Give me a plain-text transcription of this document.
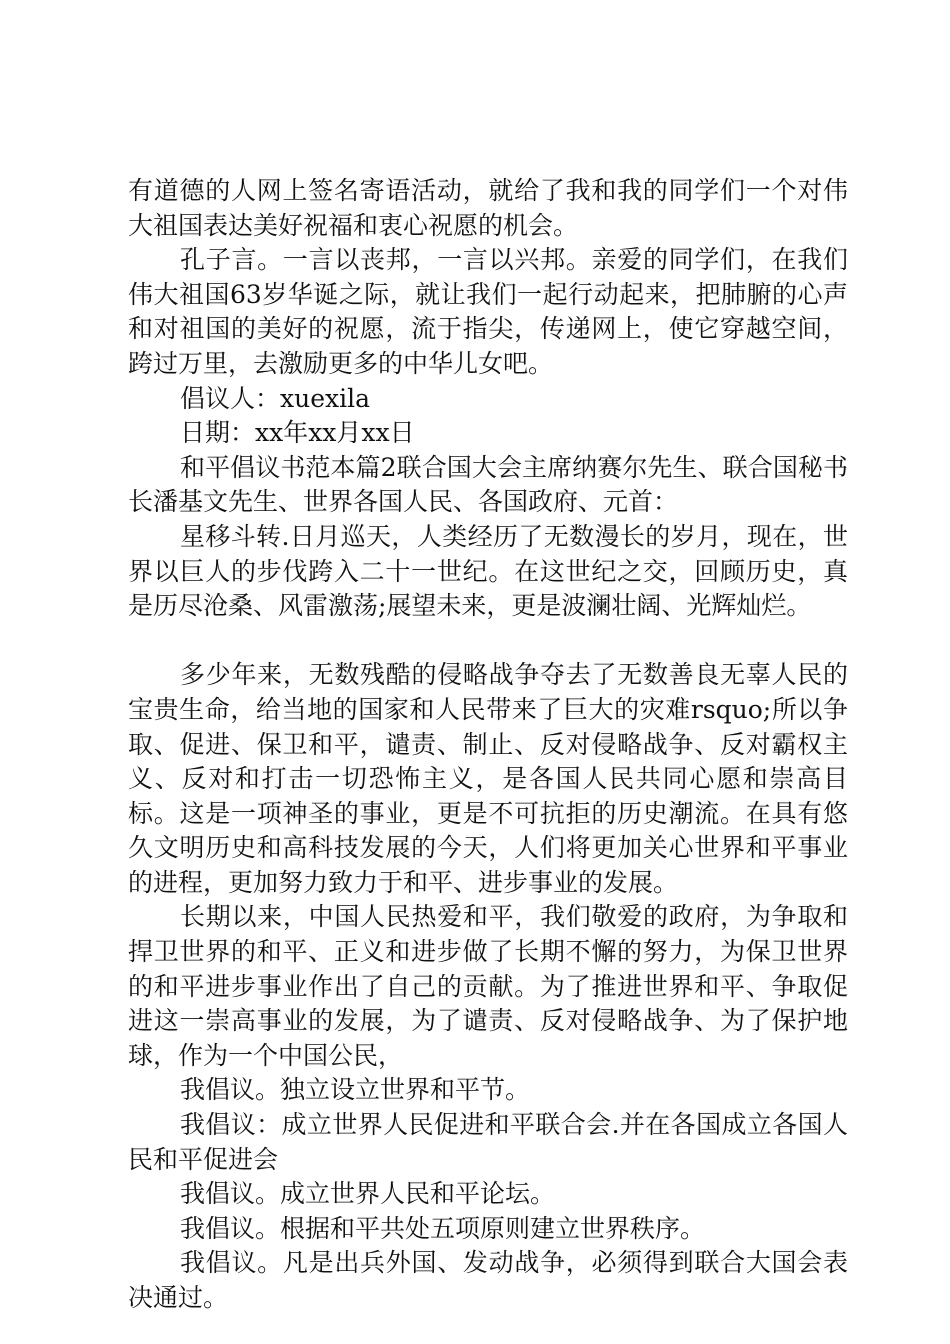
有道德的人网上签名寄语活动，就给了我和我的同学们一个对伟大祖国表达美好祝福和衷心祝愿的机会。

孔子言。一言以丧邦，一言以兴邦。亲爱的同学们，在我们伟大祖国63岁华诞之际，就让我们一起行动起来，把肺腑的心声和对祖国的美好的祝愿，流于指尖，传递网上，使它穿越空间，跨过万里，去激励更多的中华儿女吧。

倡议人：xuexila

日期：xx年xx月xx日

和平倡议书范本篇2联合国大会主席纳赛尔先生、联合国秘书长潘基文先生、世界各国人民、各国政府、元首：

星移斗转.日月巡天，人类经历了无数漫长的岁月，现在，世界以巨人的步伐跨入二十一世纪。在这世纪之交，回顾历史，真是历尽沧桑、风雷激荡;展望未来，更是波澜壮阔、光辉灿烂。

多少年来，无数残酷的侵略战争夺去了无数善良无辜人民的宝贵生命，给当地的国家和人民带来了巨大的灾难rsquo;所以争取、促进、保卫和平，谴责、制止、反对侵略战争、反对霸权主义、反对和打击一切恐怖主义，是各国人民共同心愿和崇高目标。这是一项神圣的事业，更是不可抗拒的历史潮流。在具有悠久文明历史和高科技发展的今天，人们将更加关心世界和平事业的进程，更加努力致力于和平、进步事业的发展。

长期以来，中国人民热爱和平，我们敬爱的政府，为争取和捍卫世界的和平、正义和进步做了长期不懈的努力，为保卫世界的和平进步事业作出了自己的贡献。为了推进世界和平、争取促进这一崇高事业的发展，为了谴责、反对侵略战争、为了保护地球，作为一个中国公民，

我倡议。独立设立世界和平节。

我倡议：成立世界人民促进和平联合会.并在各国成立各国人民和平促进会

我倡议。成立世界人民和平论坛。

我倡议。根据和平共处五项原则建立世界秩序。

我倡议。凡是出兵外国、发动战争，必须得到联合大国会表决通过。
